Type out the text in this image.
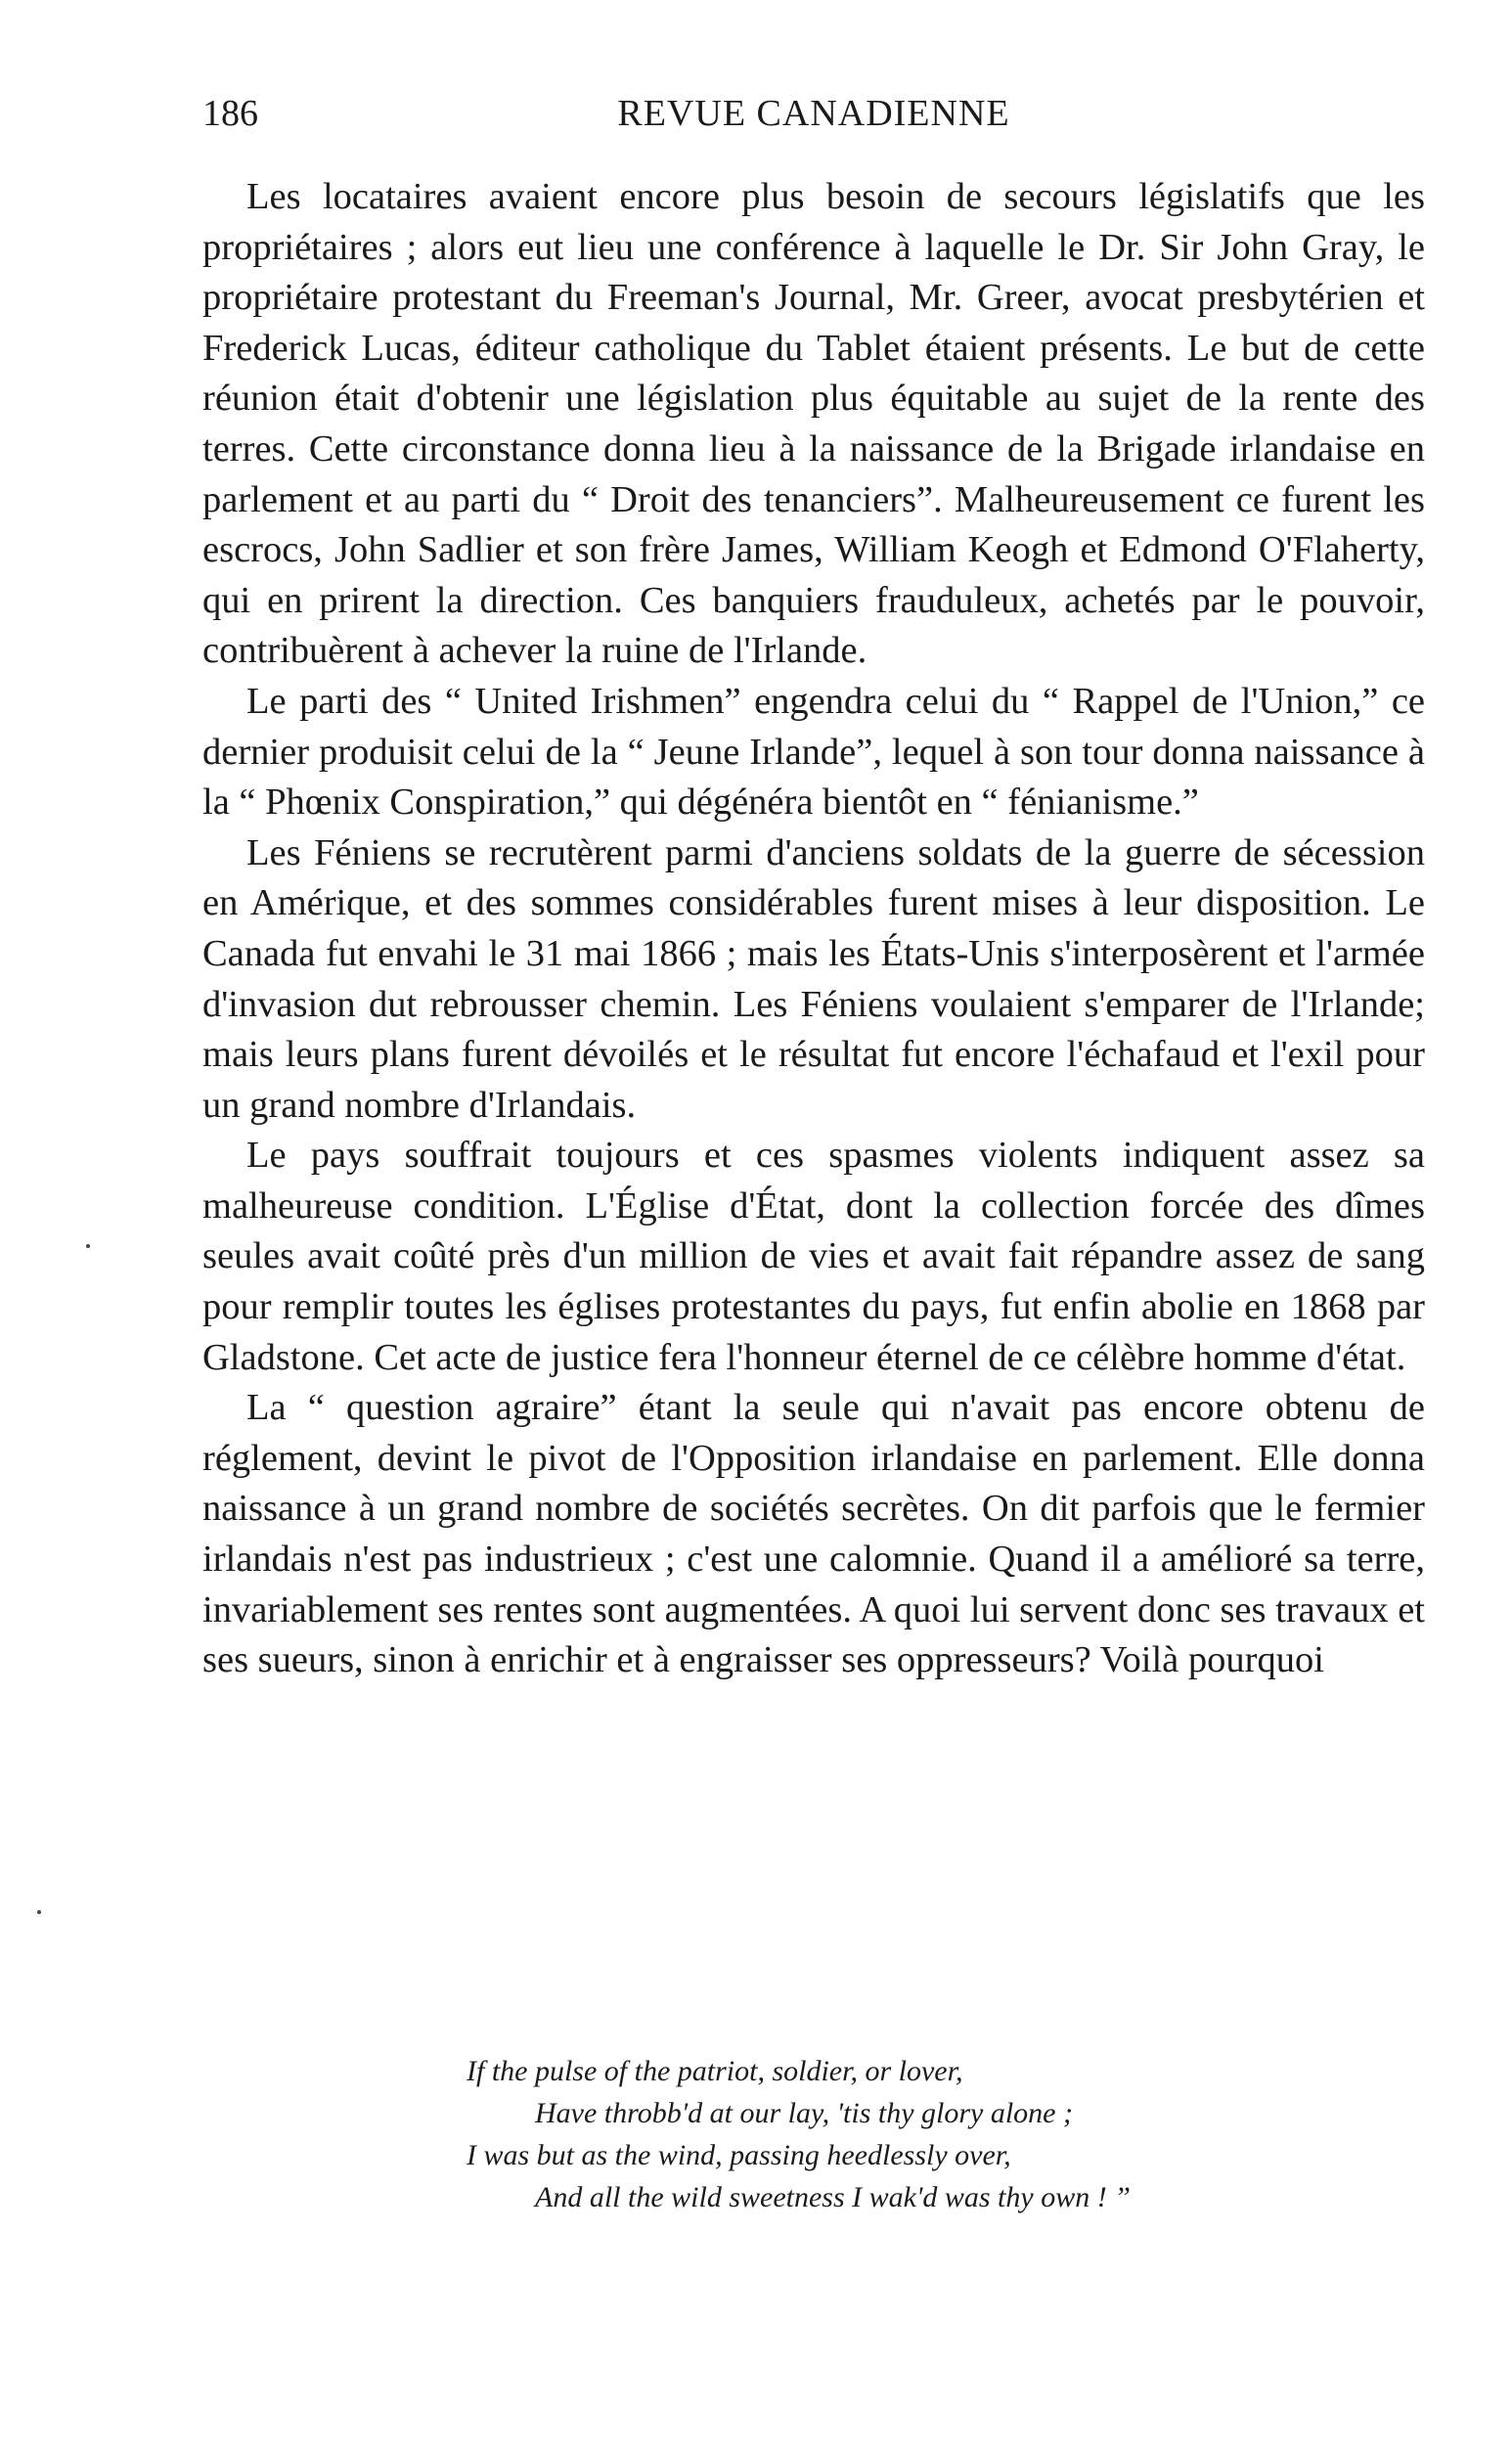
186	REVUE CANADIENNE

Les locataires avaient encore plus besoin de secours législatifs que les propriétaires ; alors eut lieu une conférence à laquelle le Dr. Sir John Gray, le propriétaire protestant du Freeman's Journal, Mr. Greer, avocat presbytérien et Frederick Lucas, éditeur catholique du Tablet étaient présents. Le but de cette réunion était d'obtenir une législation plus équitable au sujet de la rente des terres. Cette circonstance donna lieu à la naissance de la Brigade irlandaise en parlement et au parti du “ Droit des tenanciers”. Malheureusement ce furent les escrocs, John Sadlier et son frère James, William Keogh et Edmond O'Flaherty, qui en prirent la direction. Ces banquiers frauduleux, achetés par le pouvoir, contribuèrent à achever la ruine de l'Irlande.

Le parti des “ United Irishmen” engendra celui du “ Rappel de l'Union,” ce dernier produisit celui de la “ Jeune Irlande”, lequel à son tour donna naissance à la “ Phœnix Conspiration,” qui dégénéra bientôt en “ fénianisme.”

Les Féniens se recrutèrent parmi d'anciens soldats de la guerre de sécession en Amérique, et des sommes considérables furent mises à leur disposition. Le Canada fut envahi le 31 mai 1866 ; mais les États-Unis s'interposèrent et l'armée d'invasion dut rebrousser chemin. Les Féniens voulaient s'emparer de l'Irlande; mais leurs plans furent dévoilés et le résultat fut encore l'échafaud et l'exil pour un grand nombre d'Irlandais.

Le pays souffrait toujours et ces spasmes violents indiquent assez sa malheureuse condition. L'Église d'État, dont la collection forcée des dîmes seules avait coûté près d'un million de vies et avait fait répandre assez de sang pour remplir toutes les églises protestantes du pays, fut enfin abolie en 1868 par Gladstone. Cet acte de justice fera l'honneur éternel de ce célèbre homme d'état.

La “ question agraire” étant la seule qui n'avait pas encore obtenu de réglement, devint le pivot de l'Opposition irlandaise en parlement. Elle donna naissance à un grand nombre de sociétés secrètes. On dit parfois que le fermier irlandais n'est pas industrieux ; c'est une calomnie. Quand il a amélioré sa terre, invariablement ses rentes sont augmentées. A quoi lui servent donc ses travaux et ses sueurs, sinon à enrichir et à engraisser ses oppresseurs? Voilà pourquoi

If the pulse of the patriot, soldier, or lover,
Have throbb'd at our lay, 'tis thy glory alone ;
I was but as the wind, passing heedlessly over,
And all the wild sweetness I wak'd was thy own ! ”
